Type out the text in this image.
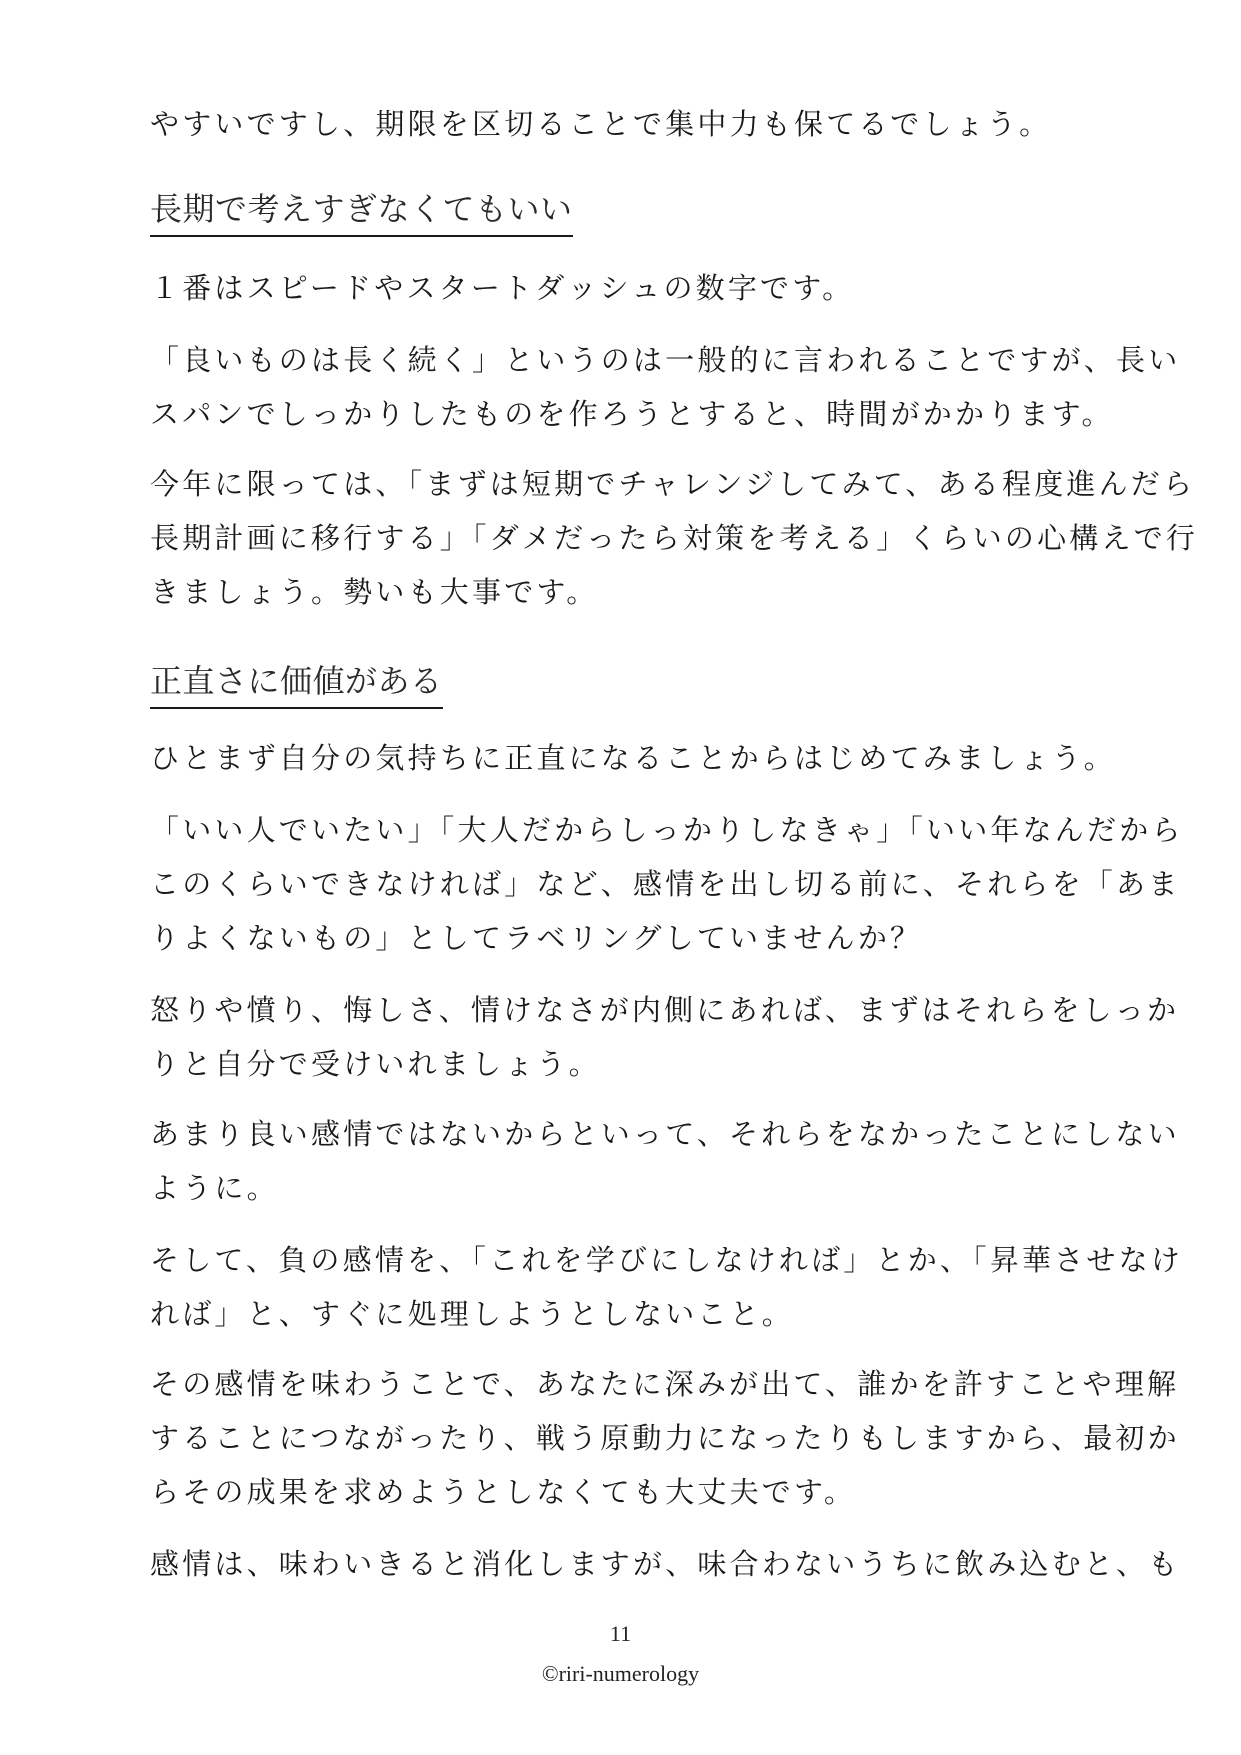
やすいですし、期限を区切ることで集中力も保てるでしょう。
長期で考えすぎなくてもいい
１番はスピードやスタートダッシュの数字です。
「良いものは長く続く」というのは一般的に言われることですが、長い
スパンでしっかりしたものを作ろうとすると、時間がかかります。
今年に限っては、「まずは短期でチャレンジしてみて、ある程度進んだら
長期計画に移行する」「ダメだったら対策を考える」くらいの心構えで行
きましょう。勢いも大事です。
正直さに価値がある
ひとまず自分の気持ちに正直になることからはじめてみましょう。
「いい人でいたい」「大人だからしっかりしなきゃ」「いい年なんだから
このくらいできなければ」など、感情を出し切る前に、それらを「あま
りよくないもの」としてラベリングしていませんか？
怒りや憤り、悔しさ、情けなさが内側にあれば、まずはそれらをしっか
りと自分で受けいれましょう。
あまり良い感情ではないからといって、それらをなかったことにしない
ように。
そして、負の感情を、「これを学びにしなければ」とか、「昇華させなけ
れば」と、すぐに処理しようとしないこと。
その感情を味わうことで、あなたに深みが出て、誰かを許すことや理解
することにつながったり、戦う原動力になったりもしますから、最初か
らその成果を求めようとしなくても大丈夫です。
感情は、味わいきると消化しますが、味合わないうちに飲み込むと、も
11
©riri-numerology
